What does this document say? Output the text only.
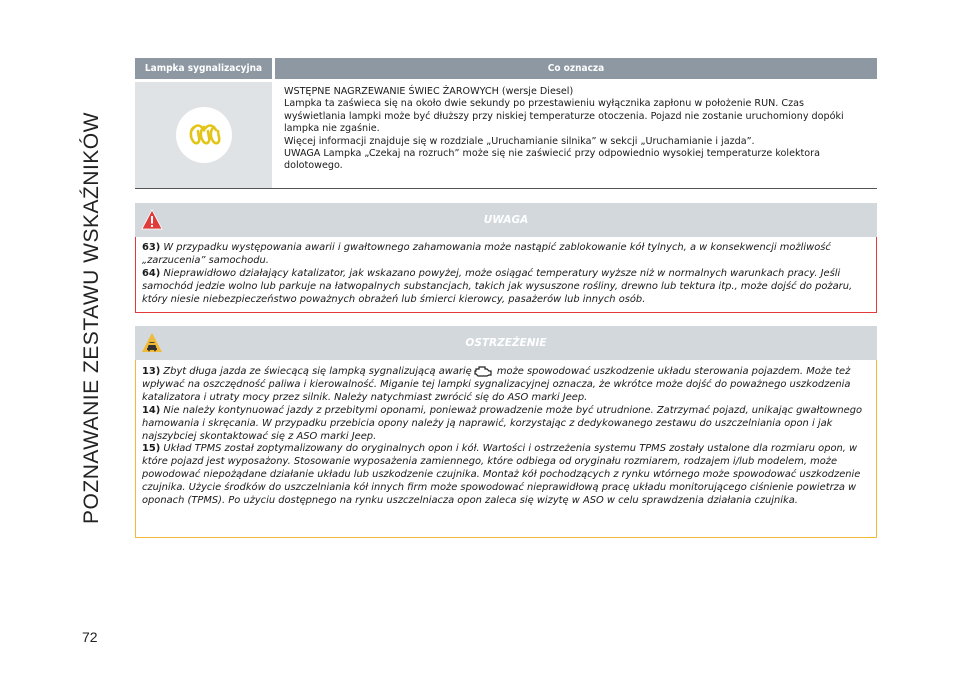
POZNAWANIE ZESTAWU WSKAŹNIKÓW
Lampka sygnalizacyjna	Co oznacza

WSTĘPNE NAGRZEWANIE ŚWIEC ŻAROWYCH (wersje Diesel)

Lampka ta zaświeca się na około dwie sekundy po przestawieniu wyłącznika zapłonu w położenie RUN. Czas wyświetlania lampki może być dłuższy przy niskiej temperaturze otoczenia. Pojazd nie zostanie uruchomiony dopóki lampka nie zgaśnie.

Więcej informacji znajduje się w rozdziale „Uruchamianie silnika” w sekcji „Uruchamianie i jazda”.

UWAGA Lampka „Czekaj na rozruch” może się nie zaświecić przy odpowiednio wysokiej temperaturze kolektora dolotowego.

UWAGA

63) W przypadku występowania awarii i gwałtownego zahamowania może nastąpić zablokowanie kół tylnych, a w konsekwencji możliwość „zarzucenia” samochodu.

64) Nieprawidłowo działający katalizator, jak wskazano powyżej, może osiągać temperatury wyższe niż w normalnych warunkach pracy. Jeśli samochód jedzie wolno lub parkuje na łatwopalnych substancjach, takich jak wysuszone rośliny, drewno lub tektura itp., może dojść do pożaru, który niesie niebezpieczeństwo poważnych obrażeń lub śmierci kierowcy, pasażerów lub innych osób.

OSTRZEŻENIE

13) Zbyt długa jazda ze świecącą się lampką sygnalizującą awarię	może spowodować uszkodzenie układu sterowania pojazdem. Może też wpływać na oszczędność paliwa i kierowalność. Miganie tej lampki sygnalizacyjnej oznacza, że wkrótce może dojść do poważnego uszkodzenia katalizatora i utraty mocy przez silnik. Należy natychmiast zwrócić się do ASO marki Jeep.

14) Nie należy kontynuować jazdy z przebitymi oponami, ponieważ prowadzenie może być utrudnione. Zatrzymać pojazd, unikając gwałtownego hamowania i skręcania. W przypadku przebicia opony należy ją naprawić, korzystając z dedykowanego zestawu do uszczelniania opon i jak najszybciej skontaktować się z ASO marki Jeep.

15) Układ TPMS został zoptymalizowany do oryginalnych opon i kół. Wartości i ostrzeżenia systemu TPMS zostały ustalone dla rozmiaru opon, w które pojazd jest wyposażony. Stosowanie wyposażenia zamiennego, które odbiega od oryginału rozmiarem, rodzajem i/lub modelem, może powodować niepożądane działanie układu lub uszkodzenie czujnika. Montaż kół pochodzących z rynku wtórnego może spowodować uszkodzenie czujnika. Użycie środków do uszczelniania kół innych firm może spowodować nieprawidłową pracę układu monitorującego ciśnienie powietrza w oponach (TPMS). Po użyciu dostępnego na rynku uszczelniacza opon zaleca się wizytę w ASO w celu sprawdzenia działania czujnika.

72
